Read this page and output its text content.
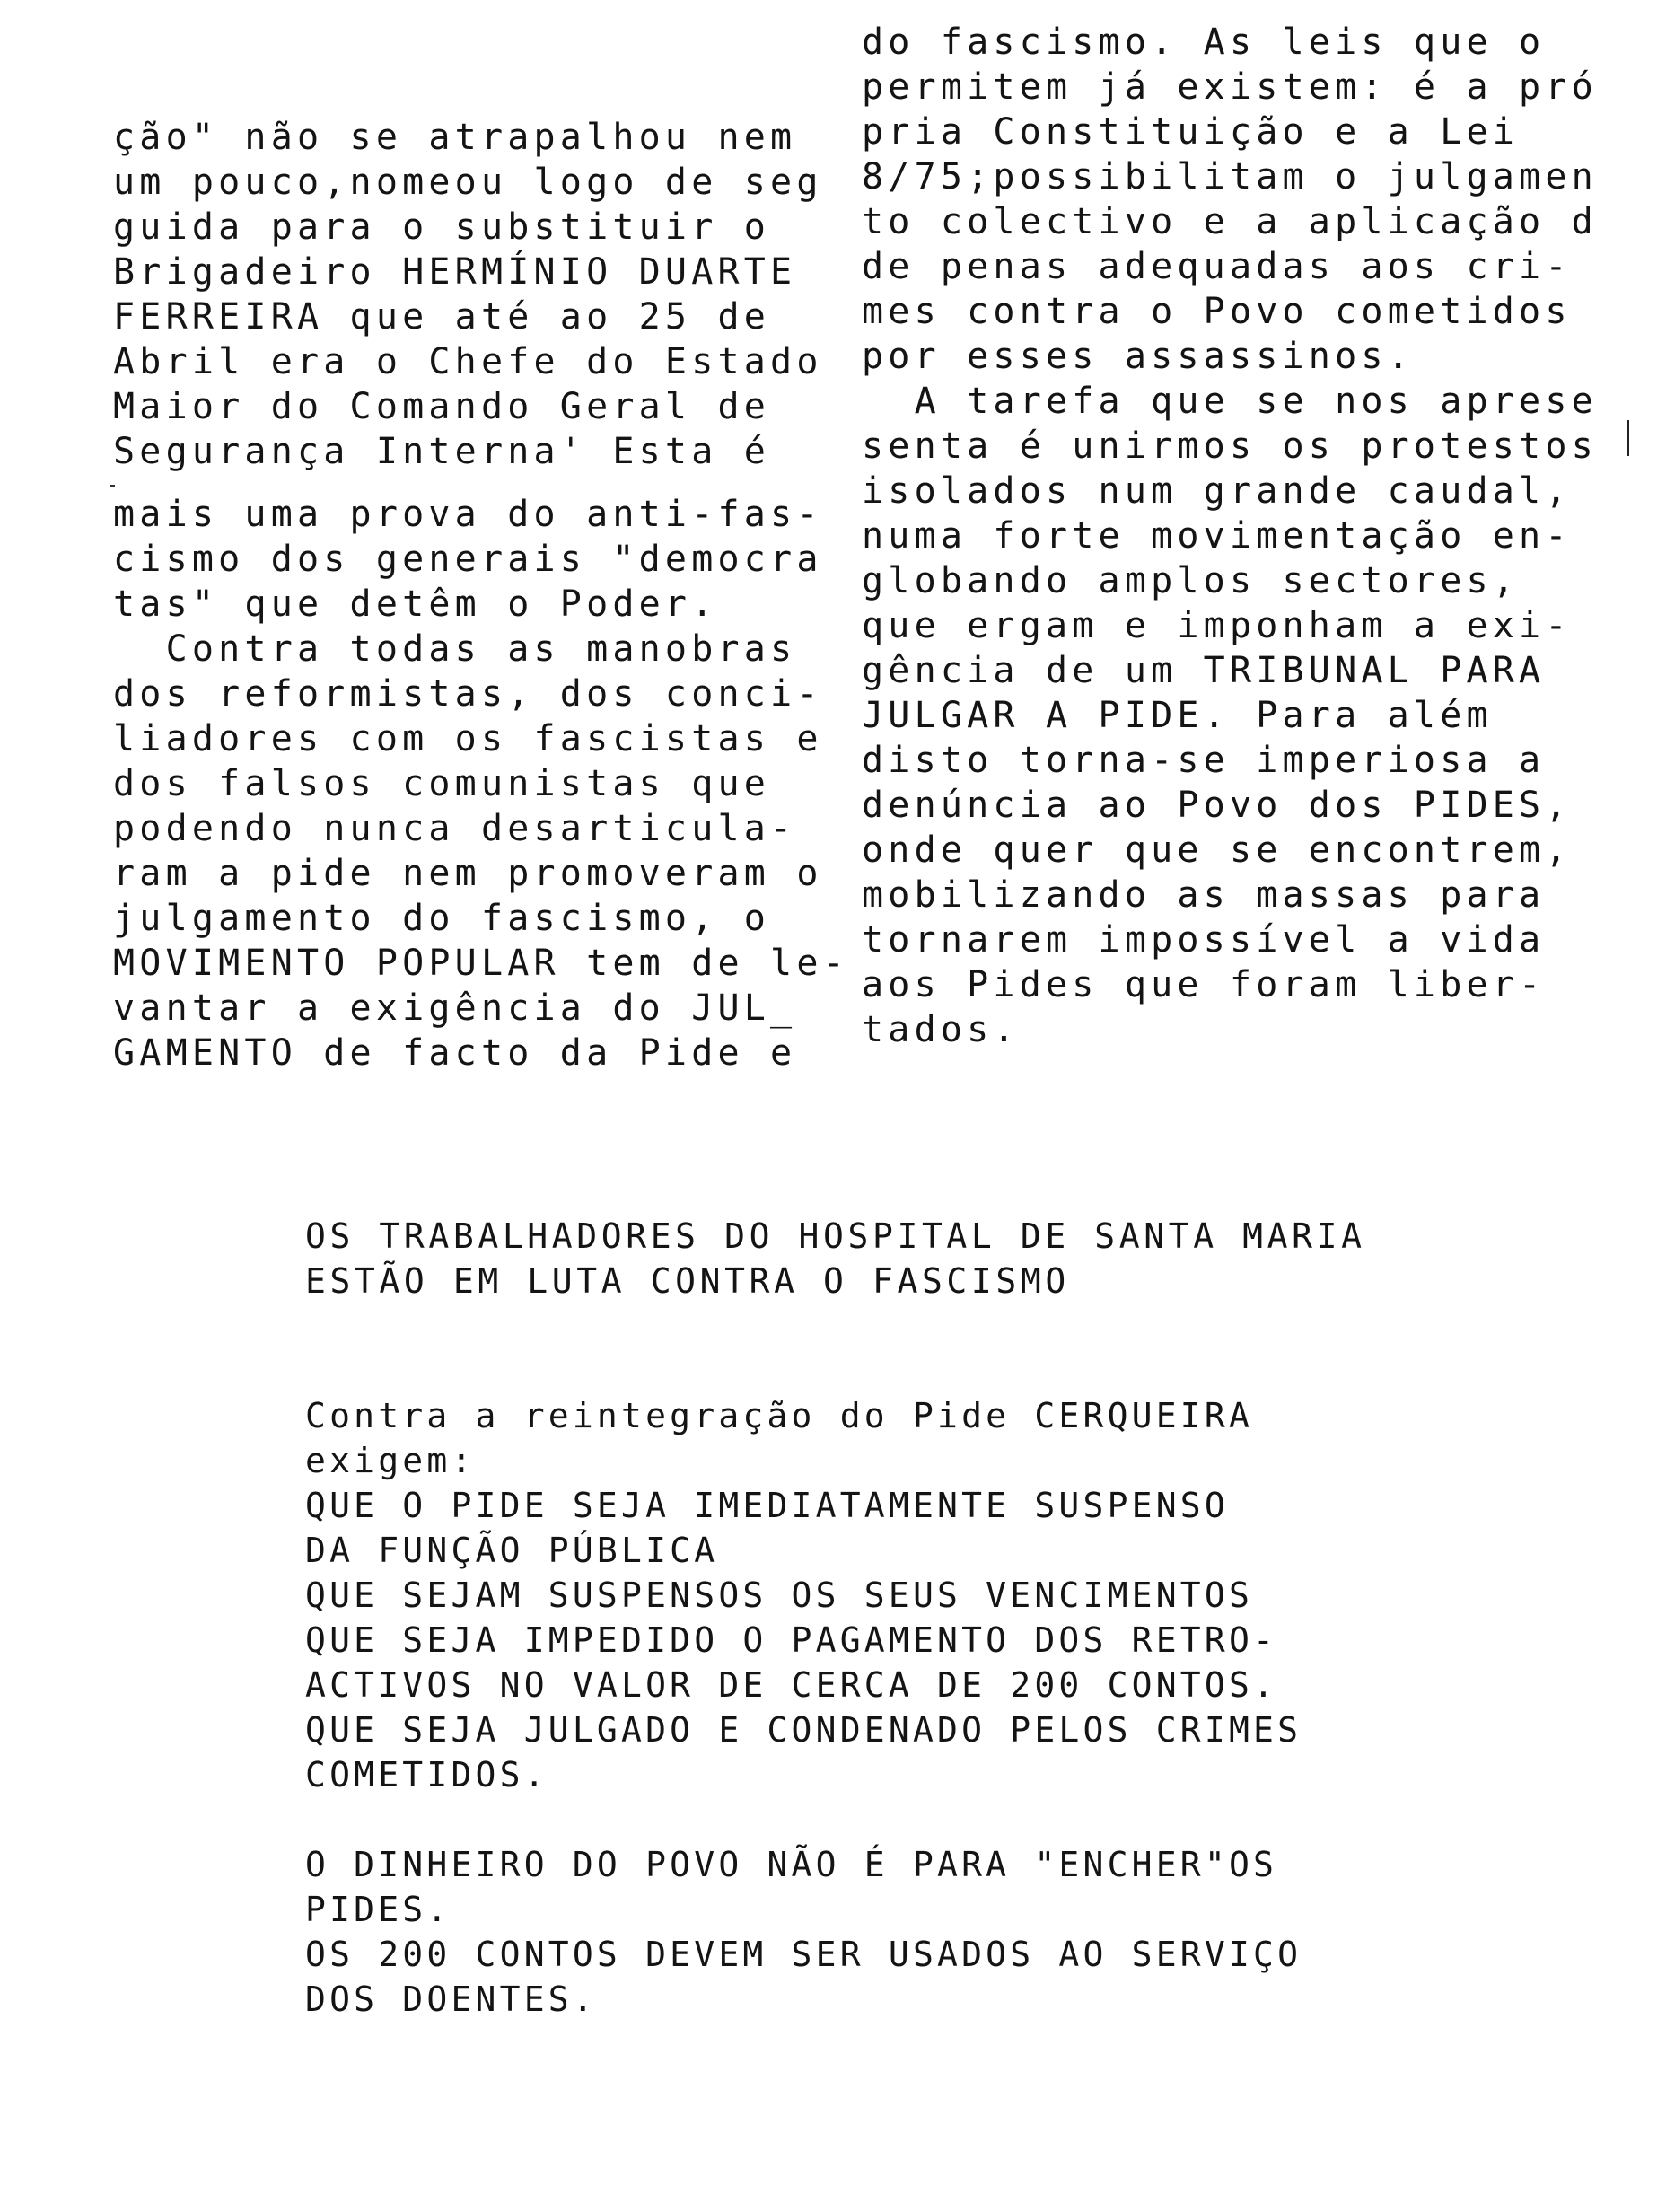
ção" não se atrapalhou nem
um pouco,nomeou logo de seg
guida para o substituir o
Brigadeiro HERMÍNIO DUARTE
FERREIRA que até ao 25 de
Abril era o Chefe do Estado
Maior do Comando Geral de
Segurança Interna' Esta é
mais uma prova do anti-fas-
cismo dos generais "democra
tas" que detêm o Poder.
Contra todas as manobras
dos reformistas, dos conci-
liadores com os fascistas e
dos falsos comunistas que
podendo nunca desarticula-
ram a pide nem promoveram o
julgamento do fascismo, o
MOVIMENTO POPULAR tem de le-
vantar a exigência do JUL_
GAMENTO de facto da Pide e
do fascismo. As leis que o
permitem já existem: é a pró
pria Constituição e a Lei
8/75;possibilitam o julgamen
to colectivo e a aplicação d
de penas adequadas aos cri-
mes contra o Povo cometidos
por esses assassinos.
A tarefa que se nos aprese
senta é unirmos os protestos
isolados num grande caudal,
numa forte movimentação en-
globando amplos sectores,
que ergam e imponham a exi-
gência de um TRIBUNAL PARA
JULGAR A PIDE. Para além
disto torna-se imperiosa a
denúncia ao Povo dos PIDES,
onde quer que se encontrem,
mobilizando as massas para
tornarem impossível a vida
aos Pides que foram liber-
tados.
OS TRABALHADORES DO HOSPITAL DE SANTA MARIA
ESTÃO EM LUTA CONTRA O FASCISMO
Contra a reintegração do Pide CERQUEIRA
exigem:
QUE O PIDE SEJA IMEDIATAMENTE SUSPENSO
DA FUNÇÃO PÚBLICA
QUE SEJAM SUSPENSOS OS SEUS VENCIMENTOS
QUE SEJA IMPEDIDO O PAGAMENTO DOS RETRO-
ACTIVOS NO VALOR DE CERCA DE 200 CONTOS.
QUE SEJA JULGADO E CONDENADO PELOS CRIMES
COMETIDOS.
O DINHEIRO DO POVO NÃO É PARA "ENCHER"OS
PIDES.
OS 200 CONTOS DEVEM SER USADOS AO SERVIÇO
DOS DOENTES.
